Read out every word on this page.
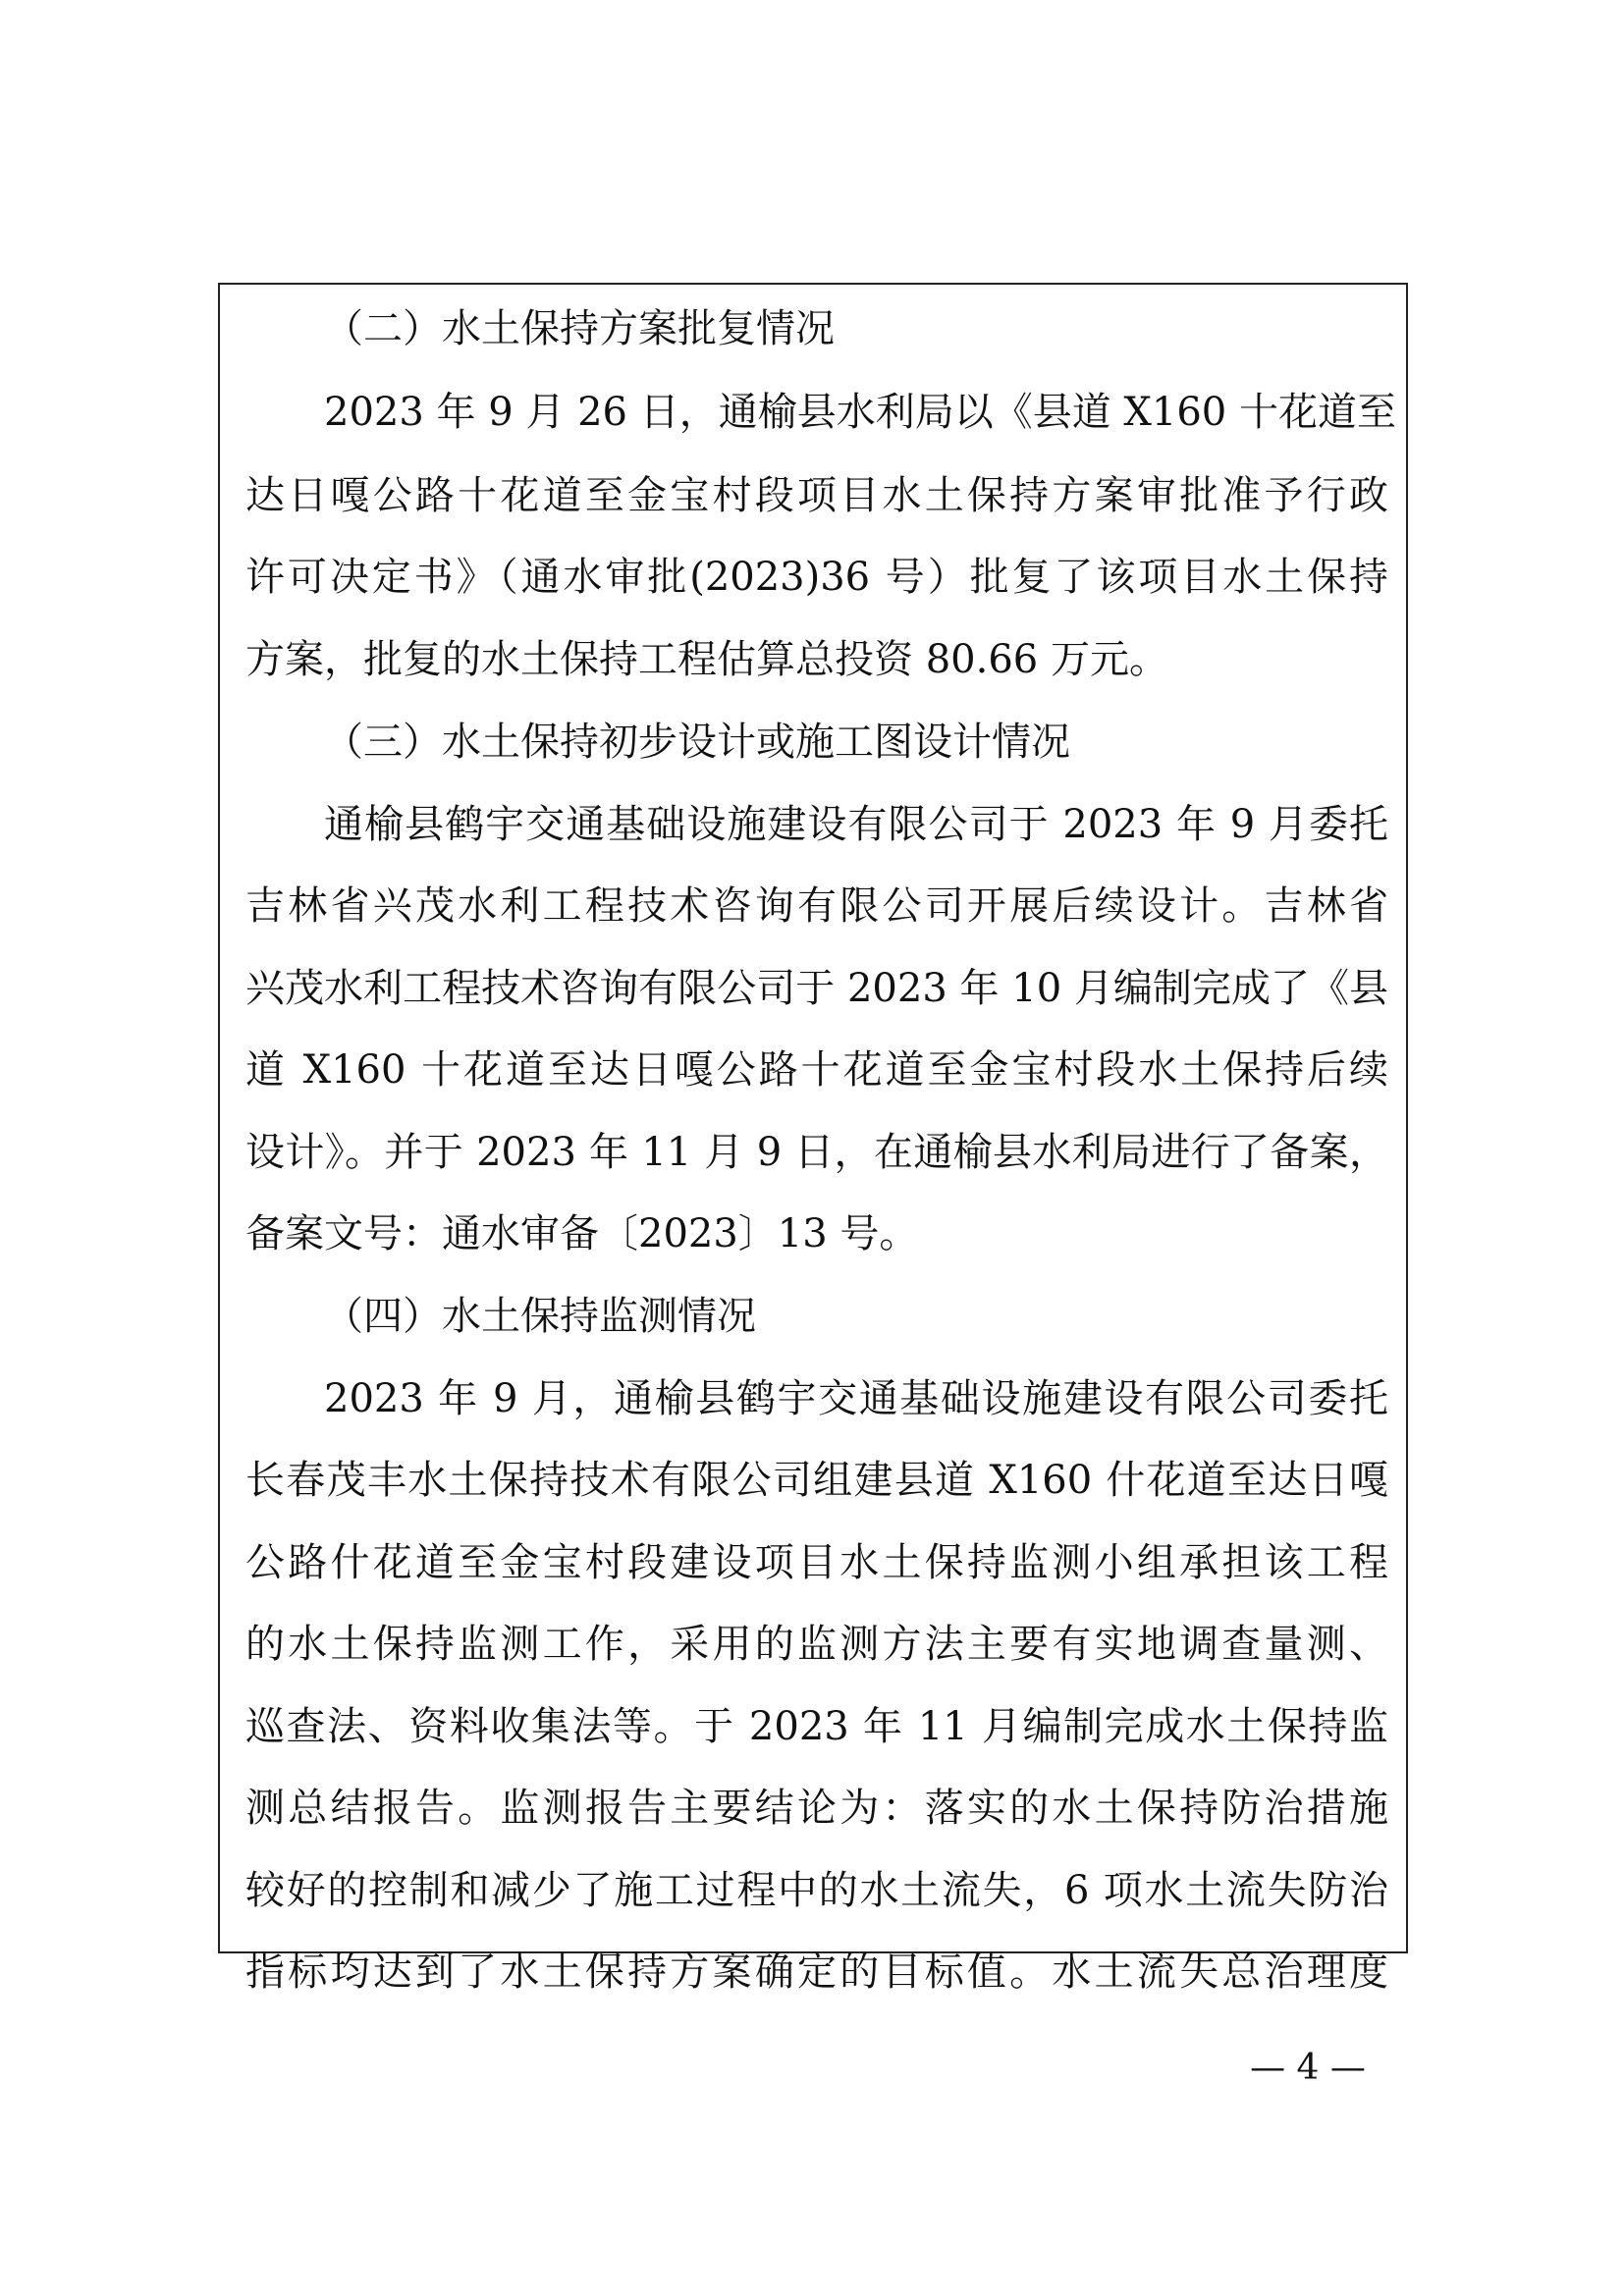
（二）水土保持方案批复情况
2023 年 9 月 26 日，通榆县水利局以《县道 X160 十花道至
达日嘎公路十花道至金宝村段项目水土保持方案审批准予行政
许可决定书》（通水审批(2023)36 号）批复了该项目水土保持
方案，批复的水土保持工程估算总投资 80.66 万元。
（三）水土保持初步设计或施工图设计情况
通榆县鹤宇交通基础设施建设有限公司于 2023 年 9 月委托
吉林省兴茂水利工程技术咨询有限公司开展后续设计。吉林省
兴茂水利工程技术咨询有限公司于 2023 年 10 月编制完成了《县
道 X160 十花道至达日嘎公路十花道至金宝村段水土保持后续
设计》。并于 2023 年 11 月 9 日，在通榆县水利局进行了备案，
备案文号：通水审备〔2023〕13 号。
（四）水土保持监测情况
2023 年 9 月，通榆县鹤宇交通基础设施建设有限公司委托
长春茂丰水土保持技术有限公司组建县道 X160 什花道至达日嘎
公路什花道至金宝村段建设项目水土保持监测小组承担该工程
的水土保持监测工作，采用的监测方法主要有实地调查量测、
巡查法、资料收集法等。于 2023 年 11 月编制完成水土保持监
测总结报告。监测报告主要结论为：落实的水土保持防治措施
较好的控制和减少了施工过程中的水土流失，6 项水土流失防治
指标均达到了水土保持方案确定的目标值。水土流失总治理度
— 4 —
